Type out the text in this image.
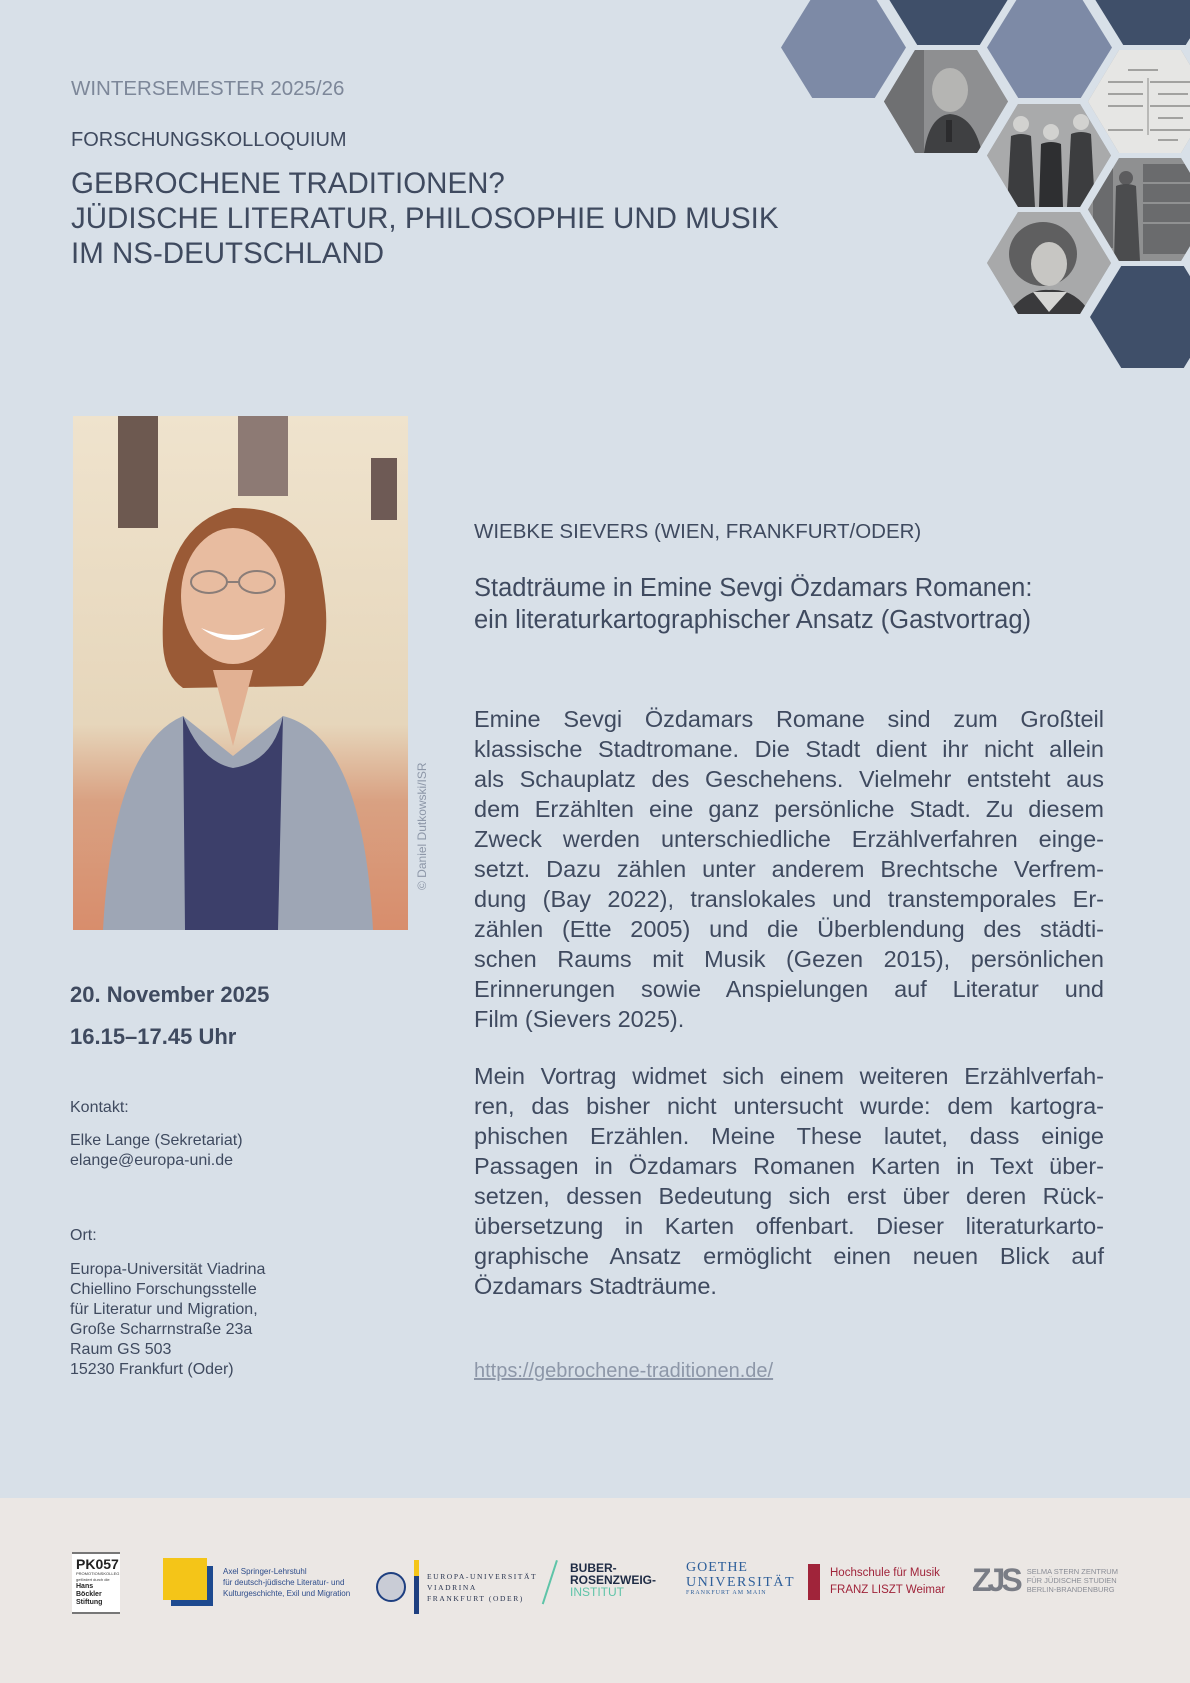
WINTERSEMESTER 2025/26
FORSCHUNGSKOLLOQUIUM
GEBROCHENE TRADITIONEN?
JÜDISCHE LITERATUR, PHILOSOPHIE UND MUSIK
IM NS-DEUTSCHLAND
© Daniel Dutkowski/ISR
20. November 2025
16.15–17.45 Uhr
Kontakt:
Elke Lange (Sekretariat)
elange@europa-uni.de
Ort:
Europa-Universität Viadrina
Chiellino Forschungsstelle
für Literatur und Migration,
Große Scharrnstraße 23a
Raum GS 503
15230 Frankfurt (Oder)
WIEBKE SIEVERS (WIEN, FRANKFURT/ODER)
Stadträume in Emine Sevgi Özdamars Romanen:
ein literaturkartographischer Ansatz (Gastvortrag)
Emine Sevgi Özdamars Romane sind zum Großteil
klassische Stadtromane. Die Stadt dient ihr nicht allein
als Schauplatz des Geschehens. Vielmehr entsteht aus
dem Erzählten eine ganz persönliche Stadt. Zu diesem
Zweck werden unterschiedliche Erzählverfahren einge-
setzt. Dazu zählen unter anderem Brechtsche Verfrem-
dung (Bay 2022), translokales und transtemporales Er-
zählen (Ette 2005) und die Überblendung des städti-
schen Raums mit Musik (Gezen 2015), persönlichen
Erinnerungen sowie Anspielungen auf Literatur und
Film (Sievers 2025).
Mein Vortrag widmet sich einem weiteren Erzählverfah-
ren, das bisher nicht untersucht wurde: dem kartogra-
phischen Erzählen. Meine These lautet, dass einige
Passagen in Özdamars Romanen Karten in Text über-
setzen, dessen Bedeutung sich erst über deren Rück-
übersetzung in Karten offenbart. Dieser literaturkarto-
graphische Ansatz ermöglicht einen neuen Blick auf
Özdamars Stadträume.
https://gebrochene-traditionen.de/
PK057
PROMOTIONSKOLLEG
gefördert durch die
Hans Böckler
Stiftung
Axel Springer-Lehrstuhl
für deutsch-jüdische Literatur- und
Kulturgeschichte, Exil und Migration
EUROPA-UNIVERSITÄT
VIADRINA
FRANKFURT (ODER)
BUBER-
ROSENZWEIG-
INSTITUT
GOETHE
UNIVERSITÄT
FRANKFURT AM MAIN
Hochschule für Musik
FRANZ LISZT Weimar ZJS SELMA STERN ZENTRUM
FÜR JÜDISCHE STUDIEN
BERLIN-BRANDENBURG
